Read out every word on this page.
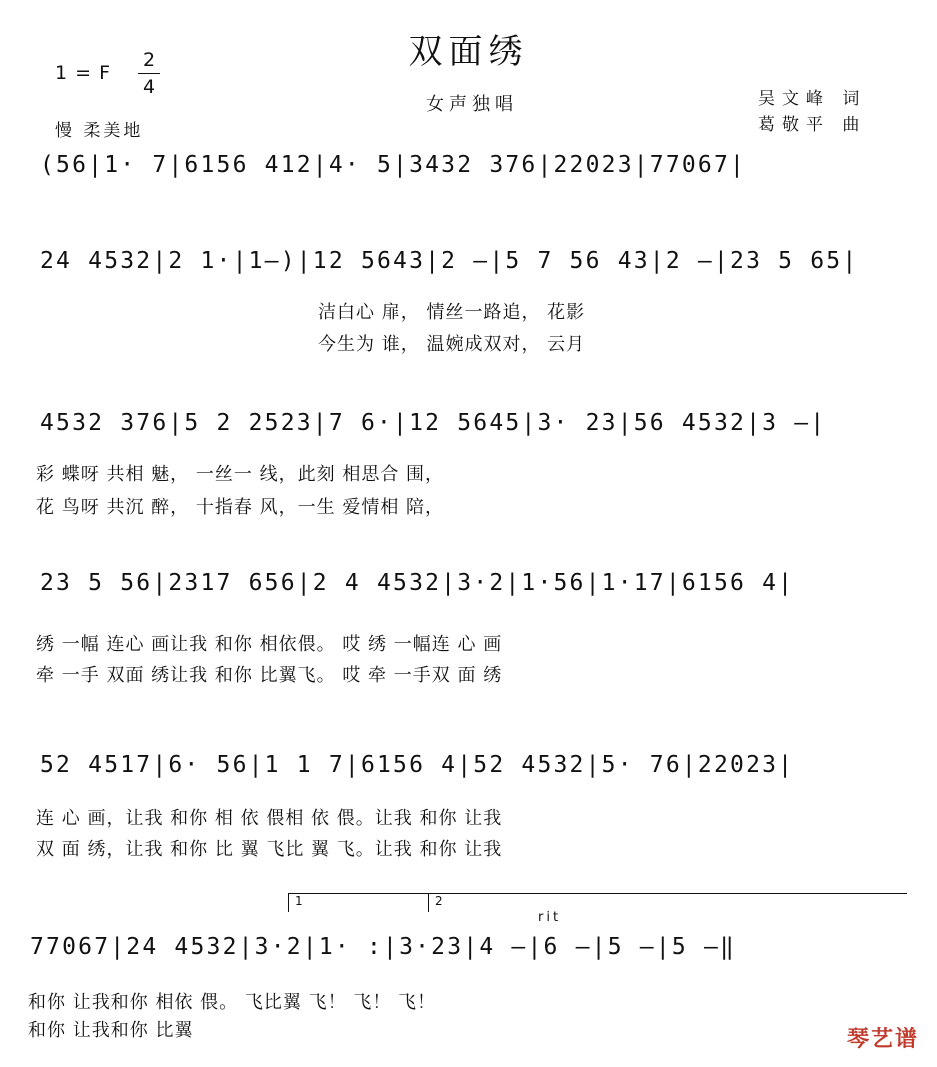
双面绣
女声独唱
1 = F
2
4
慢 柔美地
吴文峰 词
葛敬平 曲
(56|1· 7|6156 412|4· 5|3432 376|22023|77067|
24 4532|2 1·|1—)|12 5643|2 —|5 7 56 43|2 —|23 5 65|
4532 376|5 2 2523|7 6·|12 5645|3· 23|56 4532|3 —|
23 5 56|2317 656|2 4 4532|3·2|1·56|1·17|6156 4|
52 4517|6· 56|1 1 7|6156 4|52 4532|5· 76|22023|
77067|24 4532|3·2|1· :|3·23|4 —|6 —|5 —|5 —‖
1	2
rit
洁白心 扉， 情丝一路追， 花影
今生为 谁， 温婉成双对， 云月
彩 蝶呀 共相 魅， 一丝一 线，此刻 相思合 围，
花 鸟呀 共沉 醉， 十指春 风，一生 爱情相 陪，
绣 一幅 连心 画让我 和你 相依偎。 哎 绣 一幅连 心 画
牵 一手 双面 绣让我 和你 比翼飞。 哎 牵 一手双 面 绣
连 心 画，让我 和你 相 依 偎相 依 偎。让我 和你 让我
双 面 绣，让我 和你 比 翼 飞比 翼 飞。让我 和你 让我
和你 让我和你 相依 偎。 飞比翼 飞！ 飞！ 飞！
和你 让我和你 比翼	琴艺谱
